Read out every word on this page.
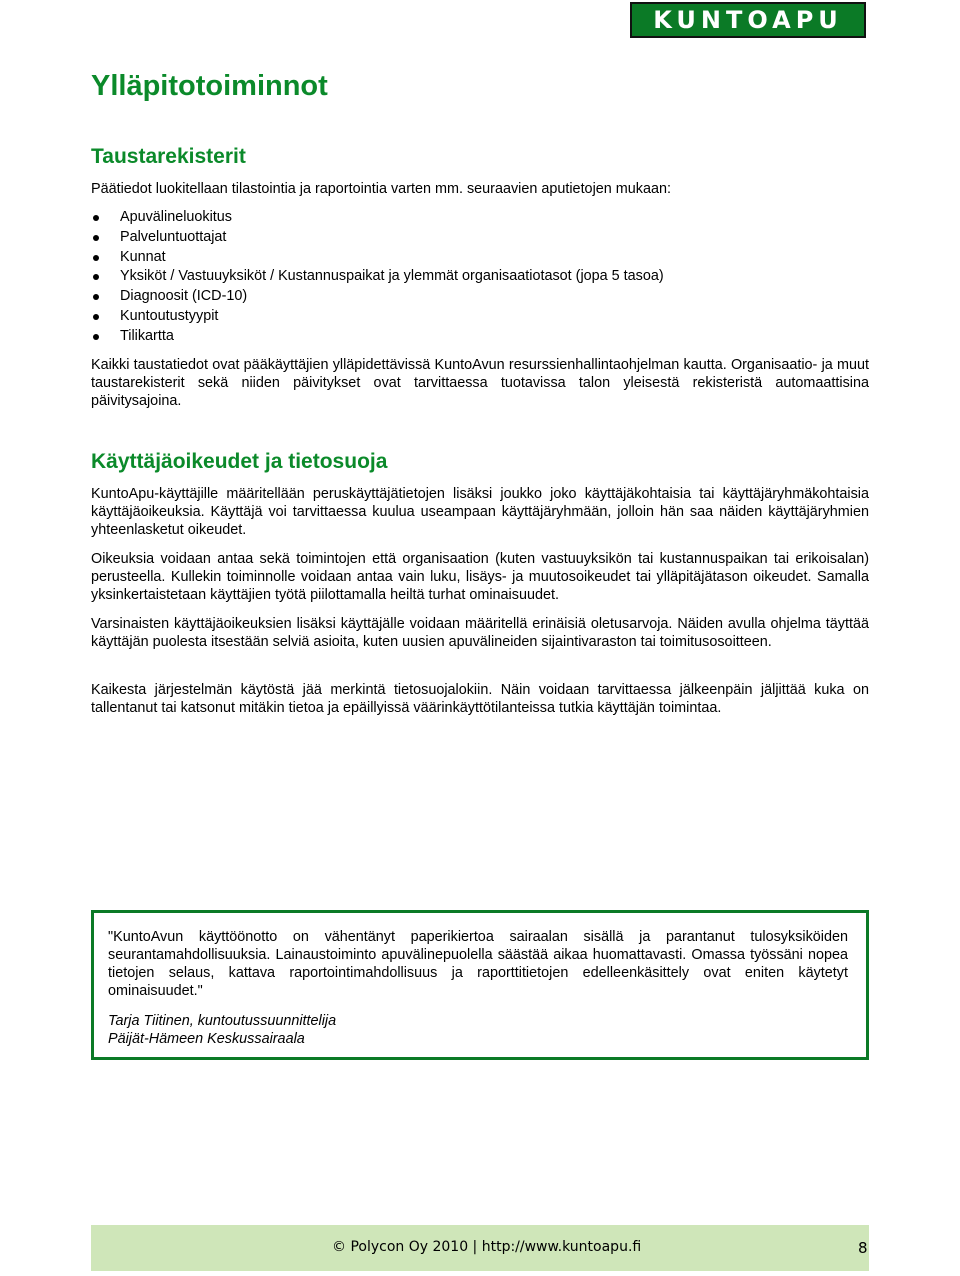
KUNTOAPU
Ylläpitotoiminnot
Taustarekisterit

Päätiedot luokitellaan tilastointia ja raportointia varten mm. seuraavien aputietojen mukaan:

Apuvälineluokitus
Palveluntuottajat
Kunnat
Yksiköt / Vastuuyksiköt / Kustannuspaikat ja ylemmät organisaatiotasot (jopa 5 tasoa)
Diagnoosit (ICD-10)
Kuntoutustyypit
Tilikartta

Kaikki taustatiedot ovat pääkäyttäjien ylläpidettävissä KuntoAvun resurssienhallintaohjelman kautta. Organisaatio- ja muut taustarekisterit sekä niiden päivitykset ovat tarvittaessa tuotavissa talon yleisestä rekisteristä automaattisina päivitysajoina.

Käyttäjäoikeudet ja tietosuoja

KuntoApu-käyttäjille määritellään peruskäyttäjätietojen lisäksi joukko joko käyttäjäkohtaisia tai käyttäjäryhmäkohtaisia käyttäjäoikeuksia. Käyttäjä voi tarvittaessa kuulua useampaan käyttäjäryhmään, jolloin hän saa näiden käyttäjäryhmien yhteenlasketut oikeudet.

Oikeuksia voidaan antaa sekä toimintojen että organisaation (kuten vastuuyksikön tai kustannuspaikan tai erikoisalan) perusteella. Kullekin toiminnolle voidaan antaa vain luku, lisäys- ja muutosoikeudet tai ylläpitäjätason oikeudet. Samalla yksinkertaistetaan käyttäjien työtä piilottamalla heiltä turhat ominaisuudet.

Varsinaisten käyttäjäoikeuksien lisäksi käyttäjälle voidaan määritellä erinäisiä oletusarvoja. Näiden avulla ohjelma täyttää käyttäjän puolesta itsestään selviä asioita, kuten uusien apuvälineiden sijaintivaraston tai toimitusosoitteen.

Kaikesta järjestelmän käytöstä jää merkintä tietosuojalokiin. Näin voidaan tarvittaessa jälkeenpäin jäljittää kuka on tallentanut tai katsonut mitäkin tietoa ja epäillyissä väärinkäyttötilanteissa tutkia käyttäjän toimintaa.

"KuntoAvun käyttöönotto on vähentänyt paperikiertoa sairaalan sisällä ja parantanut tulosyksiköiden seurantamahdollisuuksia. Lainaustoiminto apuvälinepuolella säästää aikaa huomattavasti. Omassa työssäni nopea tietojen selaus, kattava raportointimahdollisuus ja raporttitietojen edelleenkäsittely ovat eniten käytetyt ominaisuudet."

Tarja Tiitinen, kuntoutussuunnittelija
Päijät-Hämeen Keskussairaala

© Polycon Oy 2010 | http://www.kuntoapu.fi	8
